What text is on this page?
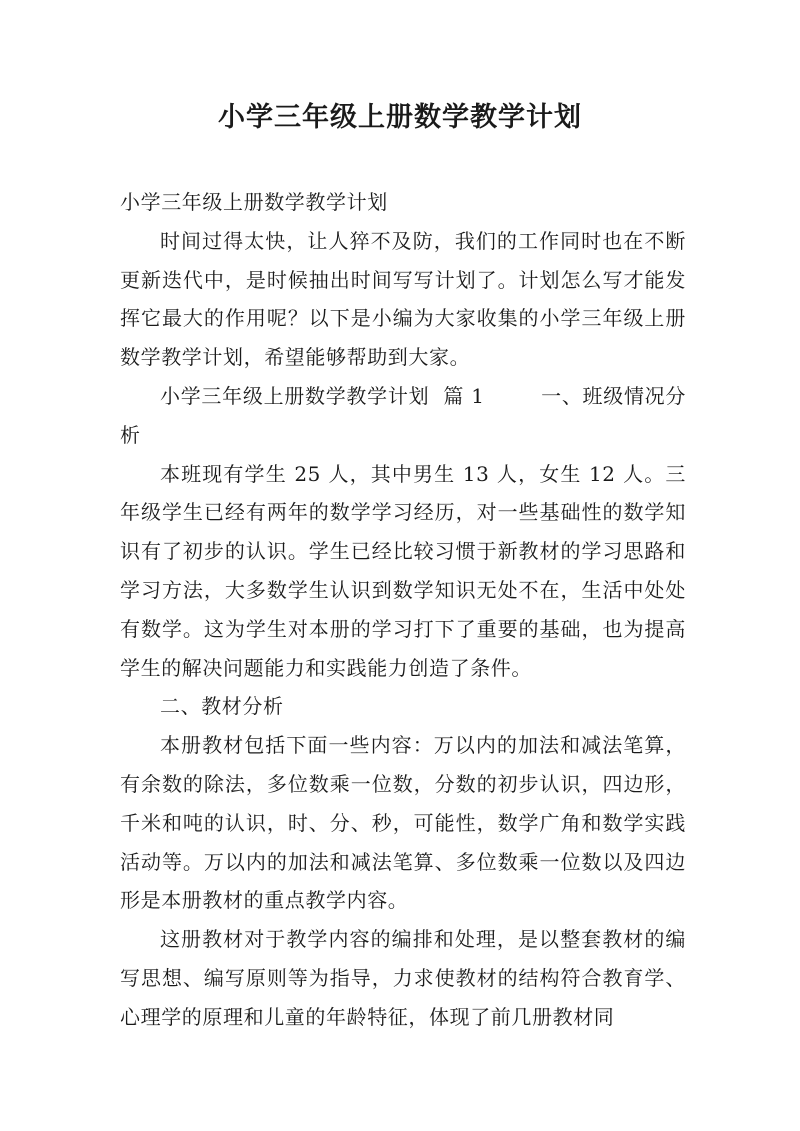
小学三年级上册数学教学计划

小学三年级上册数学教学计划

时间过得太快，让人猝不及防，我们的工作同时也在不断更新迭代中，是时候抽出时间写写计划了。计划怎么写才能发挥它最大的作用呢？以下是小编为大家收集的小学三年级上册数学教学计划，希望能够帮助到大家。

小学三年级上册数学教学计划  篇 1        一、班级情况分析

本班现有学生 25 人，其中男生 13 人，女生 12 人。三年级学生已经有两年的数学学习经历，对一些基础性的数学知识有了初步的认识。学生已经比较习惯于新教材的学习思路和学习方法，大多数学生认识到数学知识无处不在，生活中处处有数学。这为学生对本册的学习打下了重要的基础，也为提高学生的解决问题能力和实践能力创造了条件。

二、教材分析

本册教材包括下面一些内容：万以内的加法和减法笔算，有余数的除法，多位数乘一位数，分数的初步认识，四边形，千米和吨的认识，时、分、秒，可能性，数学广角和数学实践活动等。万以内的加法和减法笔算、多位数乘一位数以及四边形是本册教材的重点教学内容。

这册教材对于教学内容的编排和处理，是以整套教材的编写思想、编写原则等为指导，力求使教材的结构符合教育学、心理学的原理和儿童的年龄特征，体现了前几册教材同
